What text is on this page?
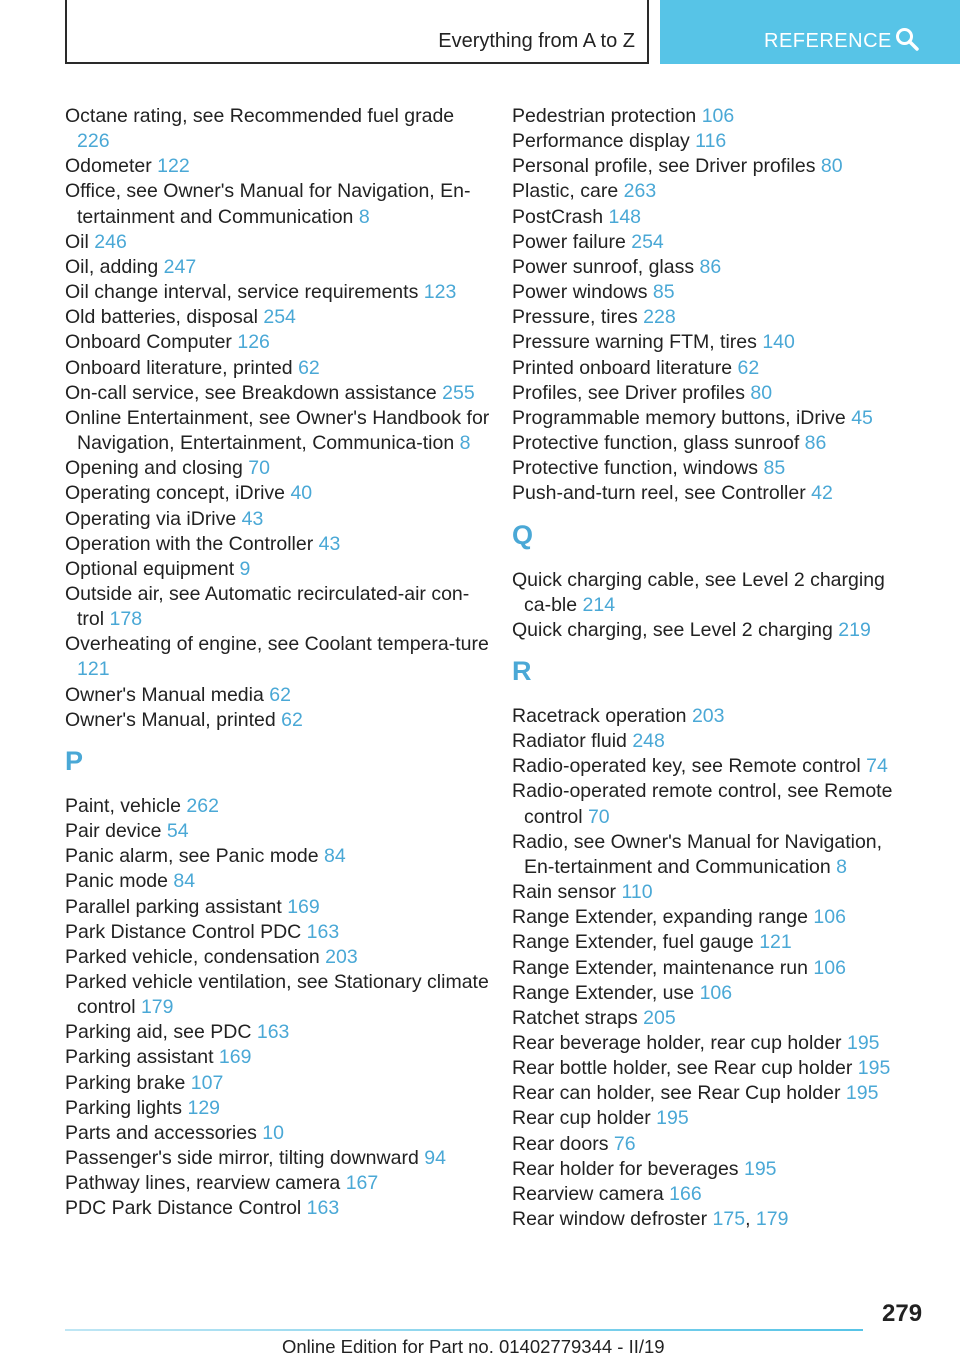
Everything from A to Z	REFERENCE
Octane rating, see Recommended fuel grade 226
Odometer 122
Office, see Owner's Manual for Navigation, En-tertainment and Communication 8
Oil 246
Oil, adding 247
Oil change interval, service requirements 123
Old batteries, disposal 254
Onboard Computer 126
Onboard literature, printed 62
On-call service, see Breakdown assistance 255
Online Entertainment, see Owner's Handbook for Navigation, Entertainment, Communica-tion 8
Opening and closing 70
Operating concept, iDrive 40
Operating via iDrive 43
Operation with the Controller 43
Optional equipment 9
Outside air, see Automatic recirculated-air con-trol 178
Overheating of engine, see Coolant tempera-ture 121
Owner's Manual media 62
Owner's Manual, printed 62
P
Paint, vehicle 262
Pair device 54
Panic alarm, see Panic mode 84
Panic mode 84
Parallel parking assistant 169
Park Distance Control PDC 163
Parked vehicle, condensation 203
Parked vehicle ventilation, see Stationary climate control 179
Parking aid, see PDC 163
Parking assistant 169
Parking brake 107
Parking lights 129
Parts and accessories 10
Passenger's side mirror, tilting downward 94
Pathway lines, rearview camera 167
PDC Park Distance Control 163
Pedestrian protection 106
Performance display 116
Personal profile, see Driver profiles 80
Plastic, care 263
PostCrash 148
Power failure 254
Power sunroof, glass 86
Power windows 85
Pressure, tires 228
Pressure warning FTM, tires 140
Printed onboard literature 62
Profiles, see Driver profiles 80
Programmable memory buttons, iDrive 45
Protective function, glass sunroof 86
Protective function, windows 85
Push-and-turn reel, see Controller 42
Q
Quick charging cable, see Level 2 charging ca-ble 214
Quick charging, see Level 2 charging 219
R
Racetrack operation 203
Radiator fluid 248
Radio-operated key, see Remote control 74
Radio-operated remote control, see Remote control 70
Radio, see Owner's Manual for Navigation, En-tertainment and Communication 8
Rain sensor 110
Range Extender, expanding range 106
Range Extender, fuel gauge 121
Range Extender, maintenance run 106
Range Extender, use 106
Ratchet straps 205
Rear beverage holder, rear cup holder 195
Rear bottle holder, see Rear cup holder 195
Rear can holder, see Rear Cup holder 195
Rear cup holder 195
Rear doors 76
Rear holder for beverages 195
Rearview camera 166
Rear window defroster 175, 179
279
Online Edition for Part no. 01402779344 - II/19
